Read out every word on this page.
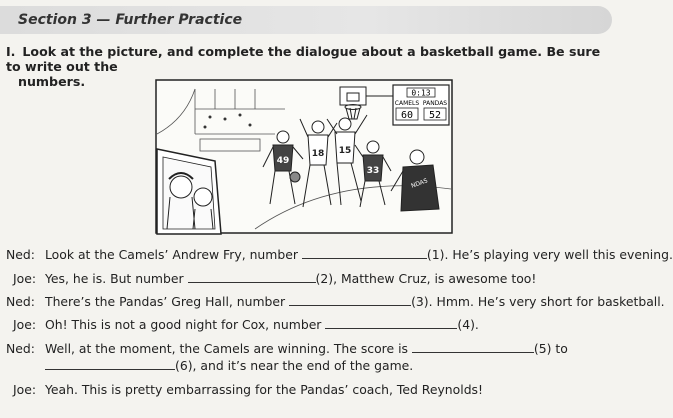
Section 3 — Further Practice
I. Look at the picture, and complete the dialogue about a basketball game. Be sure to write out the
numbers.
0:13
CAMELS PANDAS
60 52
49
18 15
33
NDAS
Ned: Look at the Camels’ Andrew Fry, number	(1). He’s playing very well this evening.
Joe: Yes, he is. But number	(2), Matthew Cruz, is awesome too!
Ned: There’s the Pandas’ Greg Hall, number	(3). Hmm. He’s very short for basketball.
Joe: Oh! This is not a good night for Cox, number	(4).
Ned: Well, at the moment, the Camels are winning. The score is	(5) to
(6), and it’s near the end of the game.
Joe: Yeah. This is pretty embarrassing for the Pandas’ coach, Ted Reynolds!
